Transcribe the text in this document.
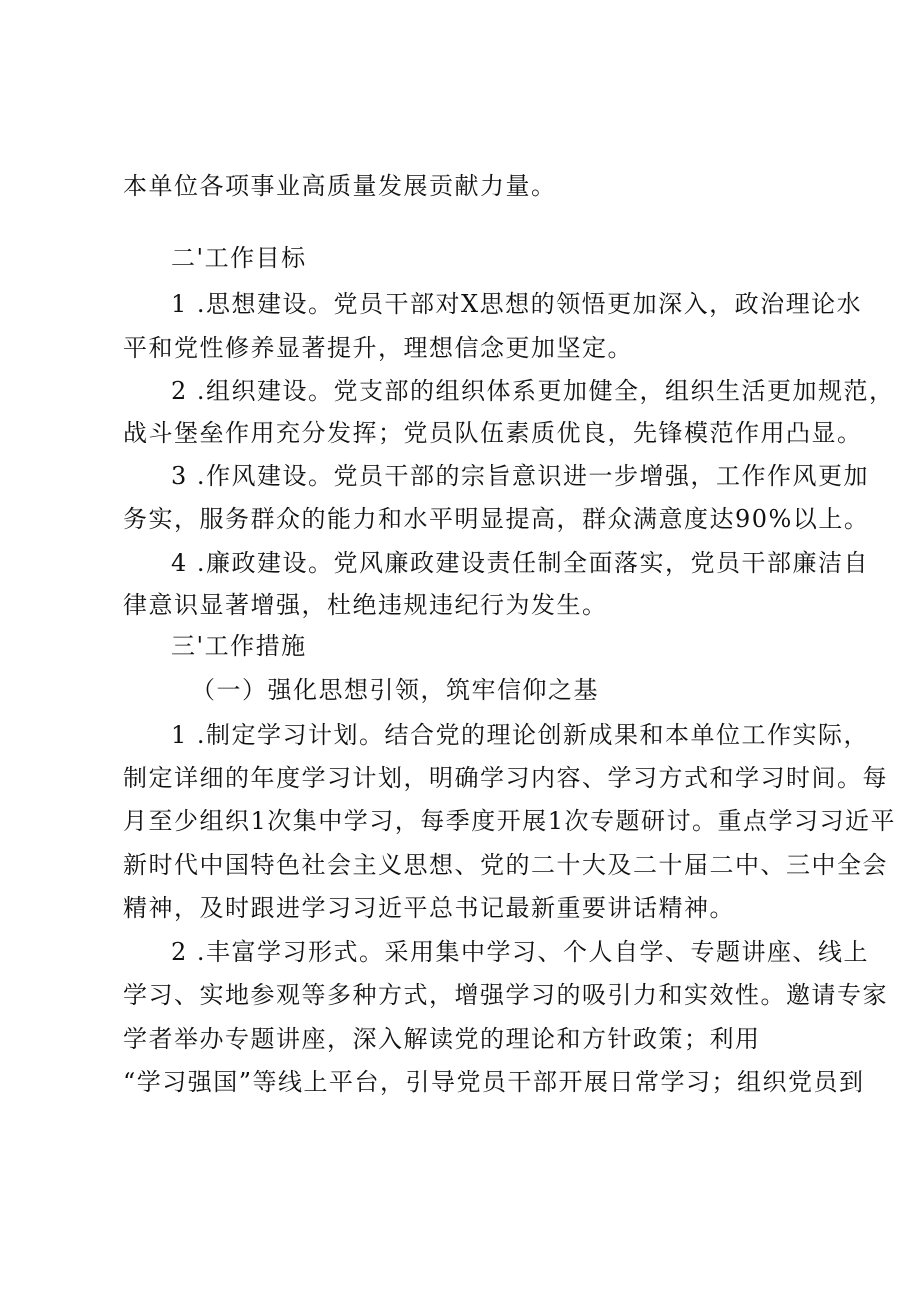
本单位各项事业高质量发展贡献力量。
二'工作目标
1 .思想建设。党员干部对X思想的领悟更加深入，政治理论水
平和党性修养显著提升，理想信念更加坚定。
2 .组织建设。党支部的组织体系更加健全，组织生活更加规范，
战斗堡垒作用充分发挥；党员队伍素质优良，先锋模范作用凸显。
3 .作风建设。党员干部的宗旨意识进一步增强，工作作风更加
务实，服务群众的能力和水平明显提高，群众满意度达90%以上。
4 .廉政建设。党风廉政建设责任制全面落实，党员干部廉洁自
律意识显著增强，杜绝违规违纪行为发生。
三'工作措施
（一）强化思想引领，筑牢信仰之基
1 .制定学习计划。结合党的理论创新成果和本单位工作实际，
制定详细的年度学习计划，明确学习内容、学习方式和学习时间。每
月至少组织1次集中学习，每季度开展1次专题研讨。重点学习习近平
新时代中国特色社会主义思想、党的二十大及二十届二中、三中全会
精神，及时跟进学习习近平总书记最新重要讲话精神。
2 .丰富学习形式。采用集中学习、个人自学、专题讲座、线上
学习、实地参观等多种方式，增强学习的吸引力和实效性。邀请专家
学者举办专题讲座，深入解读党的理论和方针政策；利用
“学习强国”等线上平台，引导党员干部开展日常学习；组织党员到
